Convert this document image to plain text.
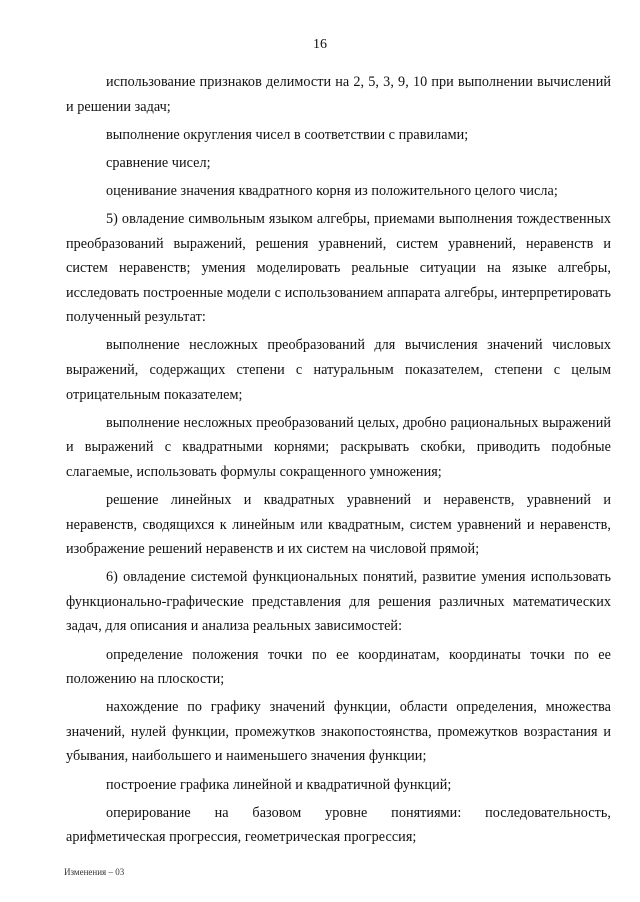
16

использование признаков делимости на 2, 5, 3, 9, 10 при выполнении вычислений и решении задач;

выполнение округления чисел в соответствии с правилами;

сравнение чисел;

оценивание значения квадратного корня из положительного целого числа;

5) овладение символьным языком алгебры, приемами выполнения тождественных преобразований выражений, решения уравнений, систем уравнений, неравенств и систем неравенств; умения моделировать реальные ситуации на языке алгебры, исследовать построенные модели с использованием аппарата алгебры, интерпретировать полученный результат:

выполнение несложных преобразований для вычисления значений числовых выражений, содержащих степени с натуральным показателем, степени с целым отрицательным показателем;

выполнение несложных преобразований целых, дробно рациональных выражений и выражений с квадратными корнями; раскрывать скобки, приводить подобные слагаемые, использовать формулы сокращенного умножения;

решение линейных и квадратных уравнений и неравенств, уравнений и неравенств, сводящихся к линейным или квадратным, систем уравнений и неравенств, изображение решений неравенств и их систем на числовой прямой;

6) овладение системой функциональных понятий, развитие умения использовать функционально-графические представления для решения различных математических задач, для описания и анализа реальных зависимостей:

определение положения точки по ее координатам, координаты точки по ее положению на плоскости;

нахождение по графику значений функции, области определения, множества значений, нулей функции, промежутков знакопостоянства, промежутков возрастания и убывания, наибольшего и наименьшего значения функции;

построение графика линейной и квадратичной функций;

оперирование на базовом уровне понятиями: последовательность, арифметическая прогрессия, геометрическая прогрессия;

Изменения – 03
